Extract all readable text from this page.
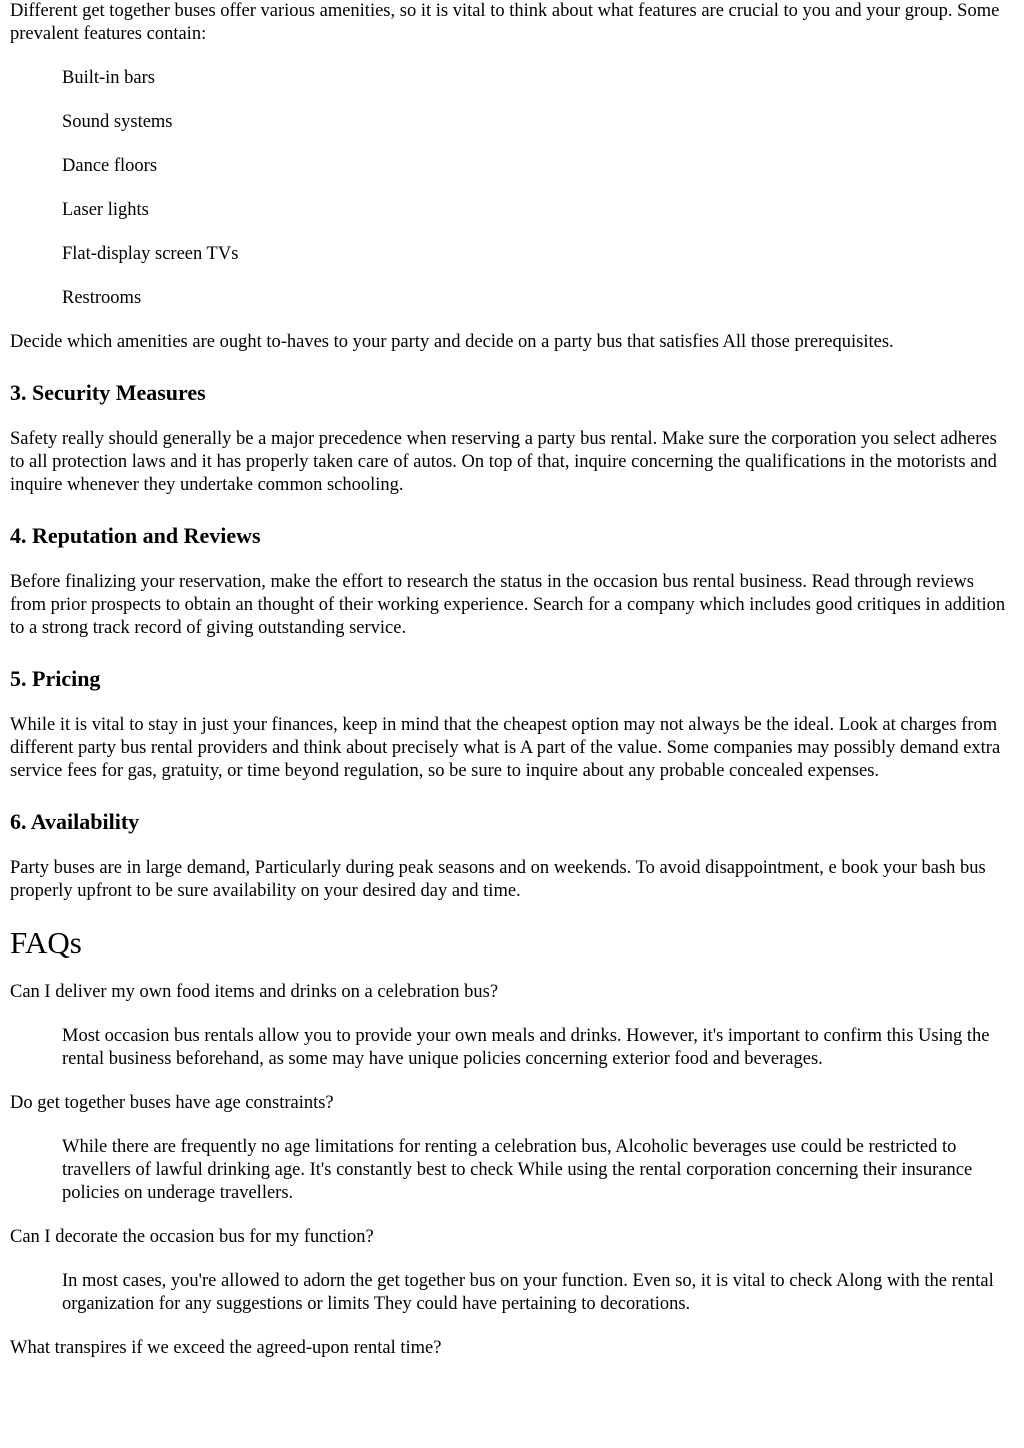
Different get together buses offer various amenities, so it is vital to think about what features are crucial to you and your group. Some prevalent features contain:

Built-in bars
Sound systems
Dance floors
Laser lights
Flat-display screen TVs
Restrooms

Decide which amenities are ought to-haves to your party and decide on a party bus that satisfies All those prerequisites.

3. Security Measures

Safety really should generally be a major precedence when reserving a party bus rental. Make sure the corporation you select adheres to all protection laws and it has properly taken care of autos. On top of that, inquire concerning the qualifications in the motorists and inquire whenever they undertake common schooling.

4. Reputation and Reviews

Before finalizing your reservation, make the effort to research the status in the occasion bus rental business. Read through reviews from prior prospects to obtain an thought of their working experience. Search for a company which includes good critiques in addition to a strong track record of giving outstanding service.

5. Pricing

While it is vital to stay in just your finances, keep in mind that the cheapest option may not always be the ideal. Look at charges from different party bus rental providers and think about precisely what is A part of the value. Some companies may possibly demand extra service fees for gas, gratuity, or time beyond regulation, so be sure to inquire about any probable concealed expenses.

6. Availability

Party buses are in large demand, Particularly during peak seasons and on weekends. To avoid disappointment, e book your bash bus properly upfront to be sure availability on your desired day and time.

FAQs

Can I deliver my own food items and drinks on a celebration bus?

Most occasion bus rentals allow you to provide your own meals and drinks. However, it's important to confirm this Using the rental business beforehand, as some may have unique policies concerning exterior food and beverages.

Do get together buses have age constraints?

While there are frequently no age limitations for renting a celebration bus, Alcoholic beverages use could be restricted to travellers of lawful drinking age. It's constantly best to check While using the rental corporation concerning their insurance policies on underage travellers.

Can I decorate the occasion bus for my function?

In most cases, you're allowed to adorn the get together bus on your function. Even so, it is vital to check Along with the rental organization for any suggestions or limits They could have pertaining to decorations.

What transpires if we exceed the agreed-upon rental time?
